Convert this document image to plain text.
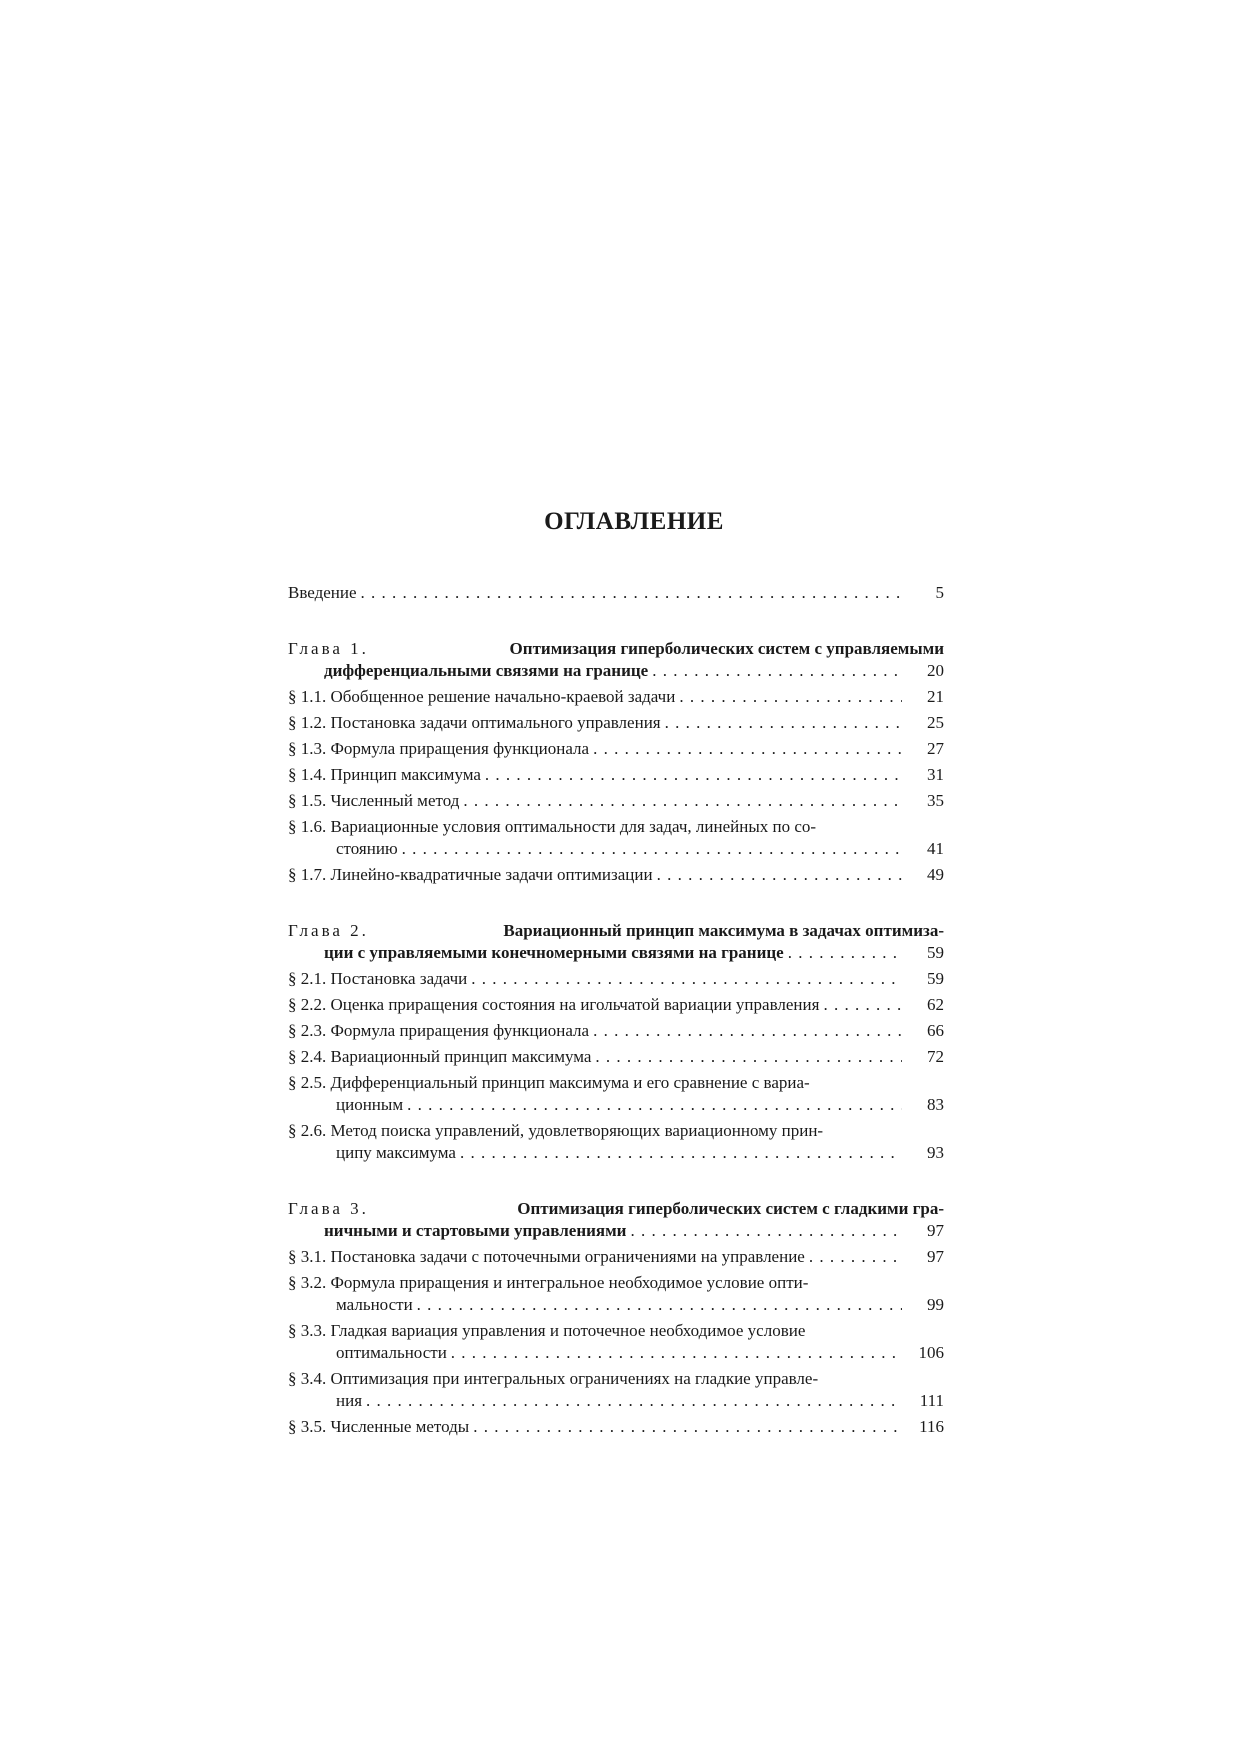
ОГЛАВЛЕНИЕ
Введение . . .	5
Глава 1.	Оптимизация гиперболических систем с управляемыми
дифференциальными связями на границе . . .	20
§ 1.1. Обобщенное решение начально-краевой задачи . . .	21
§ 1.2. Постановка задачи оптимального управления . . .	25
§ 1.3. Формула приращения функционала . . .	27
§ 1.4. Принцип максимума . . .	31
§ 1.5. Численный метод . . .	35
§ 1.6. Вариационные условия оптимальности для задач, линейных по со-
стоянию . . .	41
§ 1.7. Линейно-квадратичные задачи оптимизации . . .	49
Глава 2.	Вариационный принцип максимума в задачах оптимиза-
ции с управляемыми конечномерными связями на границе . . .	59
§ 2.1. Постановка задачи . . .	59
§ 2.2. Оценка приращения состояния на игольчатой вариации управления . . .	62
§ 2.3. Формула приращения функционала . . .	66
§ 2.4. Вариационный принцип максимума . . .	72
§ 2.5. Дифференциальный принцип максимума и его сравнение с вариа-
ционным . . .	83
§ 2.6. Метод поиска управлений, удовлетворяющих вариационному прин-
ципу максимума . . .	93
Глава 3.	Оптимизация гиперболических систем с гладкими гра-
ничными и стартовыми управлениями . . .	97
§ 3.1. Постановка задачи с поточечными ограничениями на управление . . .	97
§ 3.2. Формула приращения и интегральное необходимое условие опти-
мальности . . .	99
§ 3.3. Гладкая вариация управления и поточечное необходимое условие
оптимальности . . .	106
§ 3.4. Оптимизация при интегральных ограничениях на гладкие управле-
ния . . .	111
§ 3.5. Численные методы . . .	116
